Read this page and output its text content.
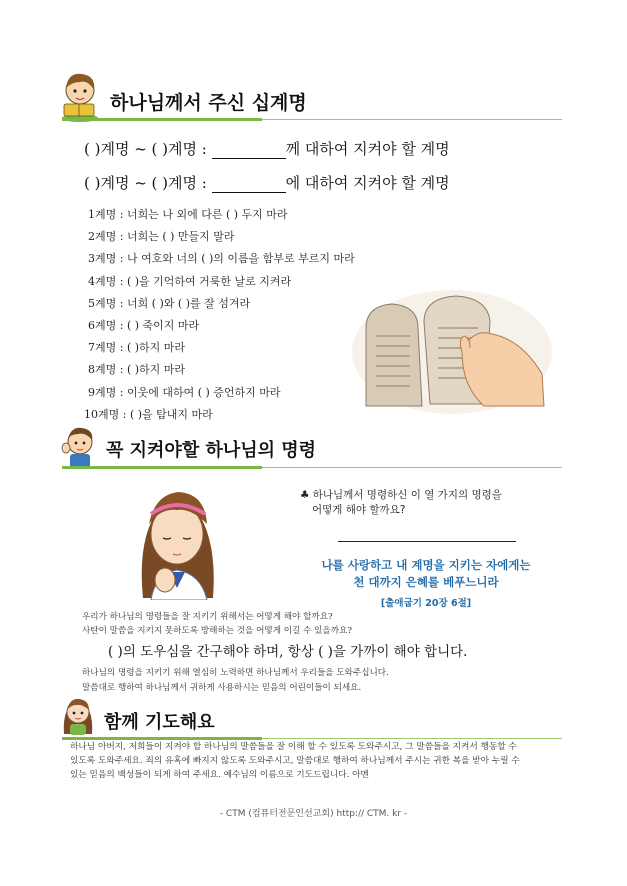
하나님께서 주신 십계명
( )계명 ~ ( )계명 :	께 대하여 지켜야 할 계명
( )계명 ~ ( )계명 :	에 대하여 지켜야 할 계명
1계명 : 너희는 나 외에 다른 ( ) 두지 마라
2계명 : 너희는 ( ) 만들지 말라
3계명 : 나 여호와 너의 ( )의 이름을 함부로 부르지 마라
4계명 : ( )을 기억하여 거룩한 날로 지켜라
5계명 : 너희 ( )와 ( )를 잘 섬겨라
6계명 : ( ) 죽이지 마라
7계명 : ( )하지 마라
8계명 : ( )하지 마라
9계명 : 이웃에 대하여 ( ) 증언하지 마라
10계명 : ( )을 탐내지 마라
꼭 지켜야할 하나님의 명령
♣ 하나님께서 명령하신 이 열 가지의 명령을
어떻게 해야 할까요?
나를 사랑하고 내 계명을 지키는 자에게는
천 대까지 은혜를 베푸느니라
[출애굽기 20장 6절]
우리가 하나님의 명령들을 잘 지키기 위해서는 어떻게 해야 할까요?
사탄이 말씀을 지키지 못하도록 방해하는 것을 어떻게 이길 수 있을까요?
( )의 도우심을 간구해야 하며, 항상 ( )을 가까이 해야 합니다.
하나님의 명령을 지키기 위해 열심히 노력하면 하나님께서 우리들을 도와주십니다.
말씀대로 행하여 하나님께서 귀하게 사용하시는 믿음의 어린이들이 되세요.
함께 기도해요
하나님 아버지, 저희들이 지켜야 할 하나님의 말씀들을 잘 이해 할 수 있도록 도와주시고, 그 말씀들을 지켜서 행동할 수
있도록 도와주세요. 죄의 유혹에 빠지지 않도록 도와주시고, 말씀대로 행하여 하나님께서 주시는 귀한 복을 받아 누릴 수
있는 믿음의 백성들이 되게 하여 주세요. 예수님의 이름으로 기도드립니다. 아멘
- CTM (컴퓨터전문인선교회) http:// CTM. kr -
